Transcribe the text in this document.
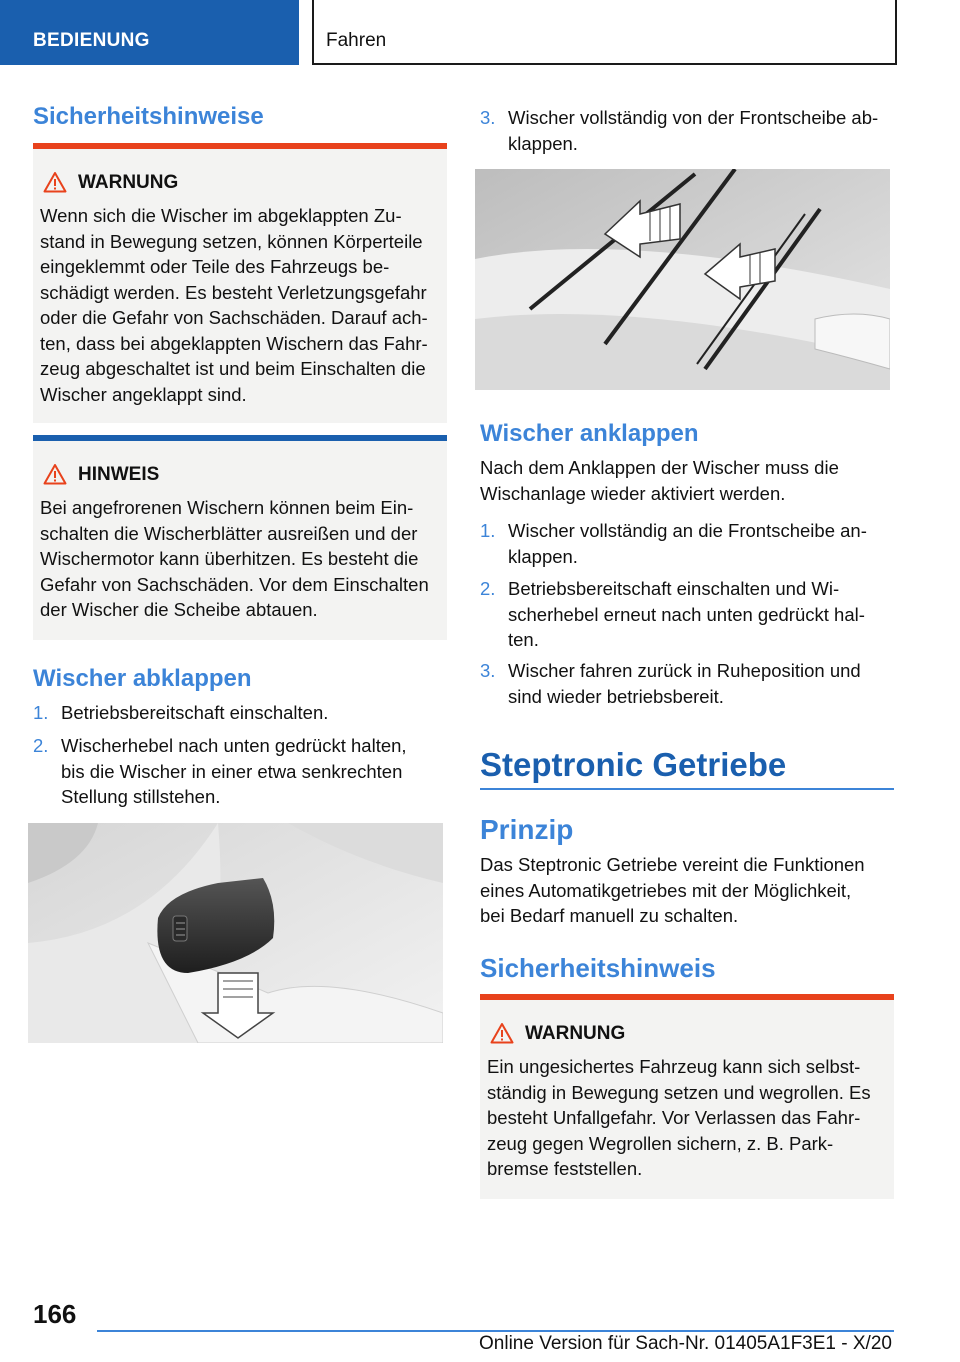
BEDIENUNG	Fahren
Sicherheitshinweise
WARNUNG
Wenn sich die Wischer im abgeklappten Zu-
stand in Bewegung setzen, können Körperteile
eingeklemmt oder Teile des Fahrzeugs be-
schädigt werden. Es besteht Verletzungsgefahr
oder die Gefahr von Sachschäden. Darauf ach-
ten, dass bei abgeklappten Wischern das Fahr-
zeug abgeschaltet ist und beim Einschalten die
Wischer angeklappt sind.
HINWEIS
Bei angefrorenen Wischern können beim Ein-
schalten die Wischerblätter ausreißen und der
Wischermotor kann überhitzen. Es besteht die
Gefahr von Sachschäden. Vor dem Einschalten
der Wischer die Scheibe abtauen.
Wischer abklappen
1. Betriebsbereitschaft einschalten.
2. Wischerhebel nach unten gedrückt halten,
bis die Wischer in einer etwa senkrechten
Stellung stillstehen.
3. Wischer vollständig von der Frontscheibe ab-
klappen.
Wischer anklappen
Nach dem Anklappen der Wischer muss die
Wischanlage wieder aktiviert werden.
1. Wischer vollständig an die Frontscheibe an-
klappen.
2. Betriebsbereitschaft einschalten und Wi-
scherhebel erneut nach unten gedrückt hal-
ten.
3. Wischer fahren zurück in Ruheposition und
sind wieder betriebsbereit.
Steptronic Getriebe
Prinzip
Das Steptronic Getriebe vereint die Funktionen
eines Automatikgetriebes mit der Möglichkeit,
bei Bedarf manuell zu schalten.
Sicherheitshinweis
WARNUNG
Ein ungesichertes Fahrzeug kann sich selbst-
ständig in Bewegung setzen und wegrollen. Es
besteht Unfallgefahr. Vor Verlassen das Fahr-
zeug gegen Wegrollen sichern, z. B. Park-
bremse feststellen.
166
Online Version für Sach-Nr. 01405A1F3E1 - X/20
